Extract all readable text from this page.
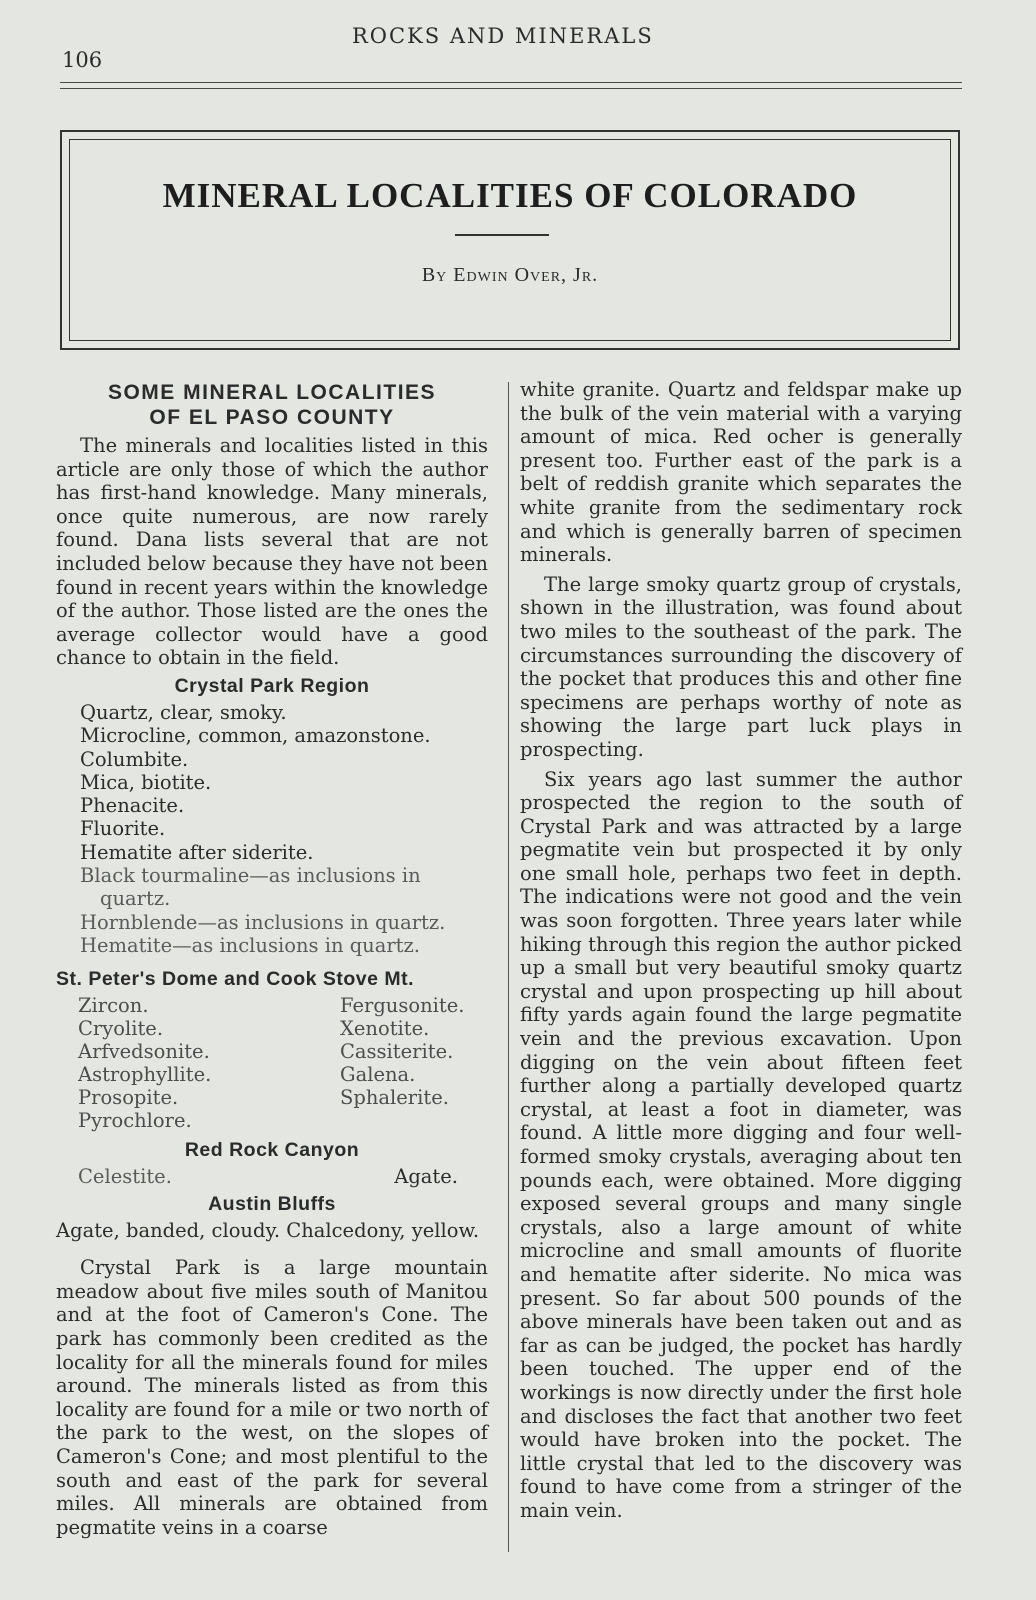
106
ROCKS AND MINERALS
MINERAL LOCALITIES OF COLORADO
By Edwin Over, Jr.
SOME MINERAL LOCALITIES
OF EL PASO COUNTY

The minerals and localities listed in this article are only those of which the author has first-hand knowledge. Many minerals, once quite numerous, are now rarely found. Dana lists several that are not included below because they have not been found in recent years within the knowledge of the author. Those listed are the ones the average collector would have a good chance to obtain in the field.

Crystal Park Region
Quartz, clear, smoky.
Microcline, common, amazonstone.
Columbite.
Mica, biotite.
Phenacite.
Fluorite.
Hematite after siderite.
Black tourmaline—as inclusions in quartz.
Hornblende—as inclusions in quartz.
Hematite—as inclusions in quartz.
St. Peter's Dome and Cook Stove Mt.
Zircon.	Fergusonite.
Cryolite.	Xenotite.
Arfvedsonite.	Cassiterite.
Astrophyllite.	Galena.
Prosopite.	Sphalerite.
Pyrochlore.
Red Rock Canyon
Celestite.	Agate.
Austin Bluffs
Agate, banded, cloudy. Chalcedony, yellow.

Crystal Park is a large mountain meadow about five miles south of Manitou and at the foot of Cameron's Cone. The park has commonly been credited as the locality for all the minerals found for miles around. The minerals listed as from this locality are found for a mile or two north of the park to the west, on the slopes of Cameron's Cone; and most plentiful to the south and east of the park for several miles. All minerals are obtained from pegmatite veins in a coarse

white granite. Quartz and feldspar make up the bulk of the vein material with a varying amount of mica. Red ocher is generally present too. Further east of the park is a belt of reddish granite which separates the white granite from the sedimentary rock and which is generally barren of specimen minerals.

The large smoky quartz group of crystals, shown in the illustration, was found about two miles to the southeast of the park. The circumstances surrounding the discovery of the pocket that produces this and other fine specimens are perhaps worthy of note as showing the large part luck plays in prospecting.

Six years ago last summer the author prospected the region to the south of Crystal Park and was attracted by a large pegmatite vein but prospected it by only one small hole, perhaps two feet in depth. The indications were not good and the vein was soon forgotten. Three years later while hiking through this region the author picked up a small but very beautiful smoky quartz crystal and upon prospecting up hill about fifty yards again found the large pegmatite vein and the previous excavation. Upon digging on the vein about fifteen feet further along a partially developed quartz crystal, at least a foot in diameter, was found. A little more digging and four well-formed smoky crystals, averaging about ten pounds each, were obtained. More digging exposed several groups and many single crystals, also a large amount of white microcline and small amounts of fluorite and hematite after siderite. No mica was present. So far about 500 pounds of the above minerals have been taken out and as far as can be judged, the pocket has hardly been touched. The upper end of the workings is now directly under the first hole and discloses the fact that another two feet would have broken into the pocket. The little crystal that led to the discovery was found to have come from a stringer of the main vein.
